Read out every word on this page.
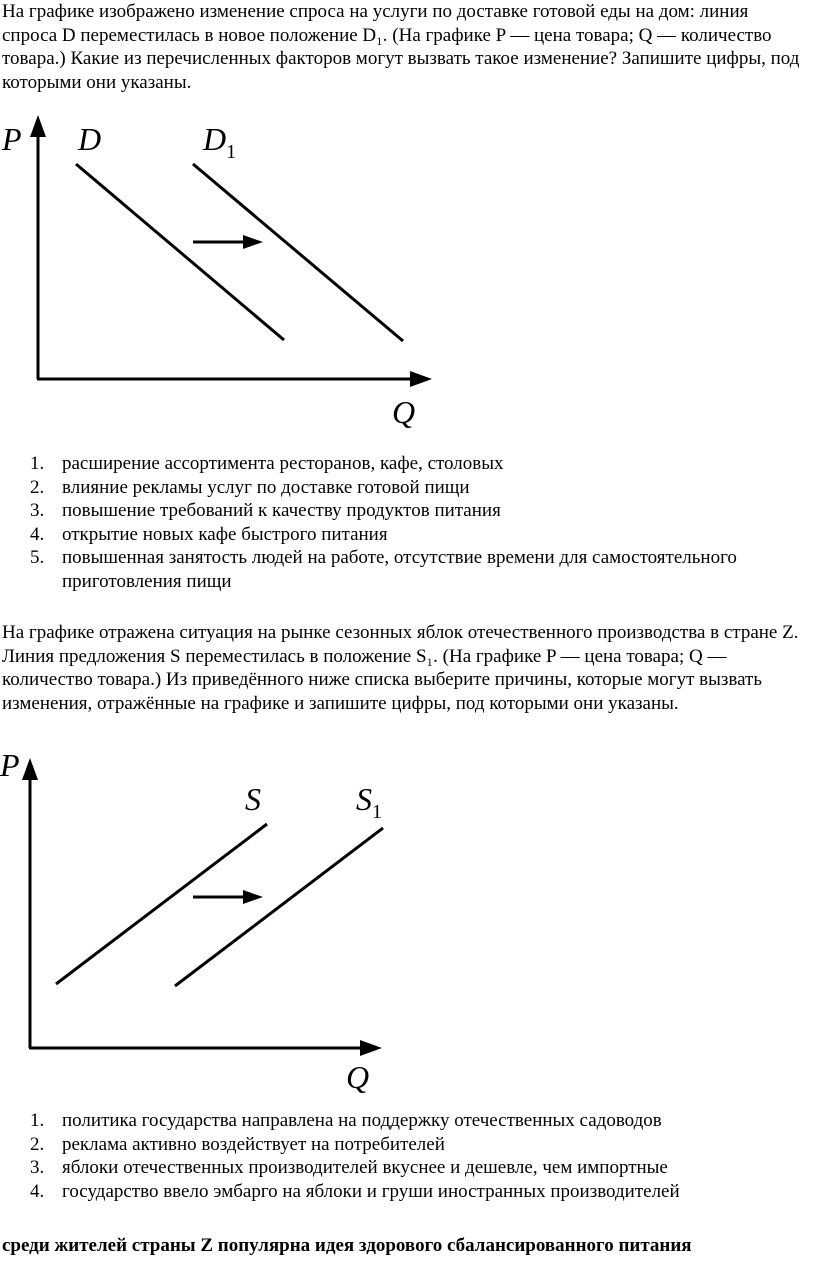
На графике изображено изменение спроса на услуги по доставке готовой еды на дом: линия спроса D переместилась в новое положение D₁. (На графике P — цена товара; Q — количество товара.) Какие из перечисленных факторов могут вызвать такое изменение? Запишите цифры, под которыми они указаны.

P
Q
D	$D_1$
1. расширение ассортимента ресторанов, кафе, столовых
2. влияние рекламы услуг по доставке готовой пищи
3. повышение требований к качеству продуктов питания
4. открытие новых кафе быстрого питания
5. повышенная занятость людей на работе, отсутствие времени для самостоятельного приготовления пищи

На графике отражена ситуация на рынке сезонных яблок отечественного производства в стране Z. Линия предложения S переместилась в положение S₁. (На графике P — цена товара; Q — количество товара.) Из приведённого ниже списка выберите причины, которые могут вызвать изменения, отражённые на графике и запишите цифры, под которыми они указаны.

P
Q
S	$S_1$
1. политика государства направлена на поддержку отечественных садоводов
2. реклама активно воздействует на потребителей
3. яблоки отечественных производителей вкуснее и дешевле, чем импортные
4. государство ввело эмбарго на яблоки и груши иностранных производителей
среди жителей страны Z популярна идея здорового сбалансированного питания
